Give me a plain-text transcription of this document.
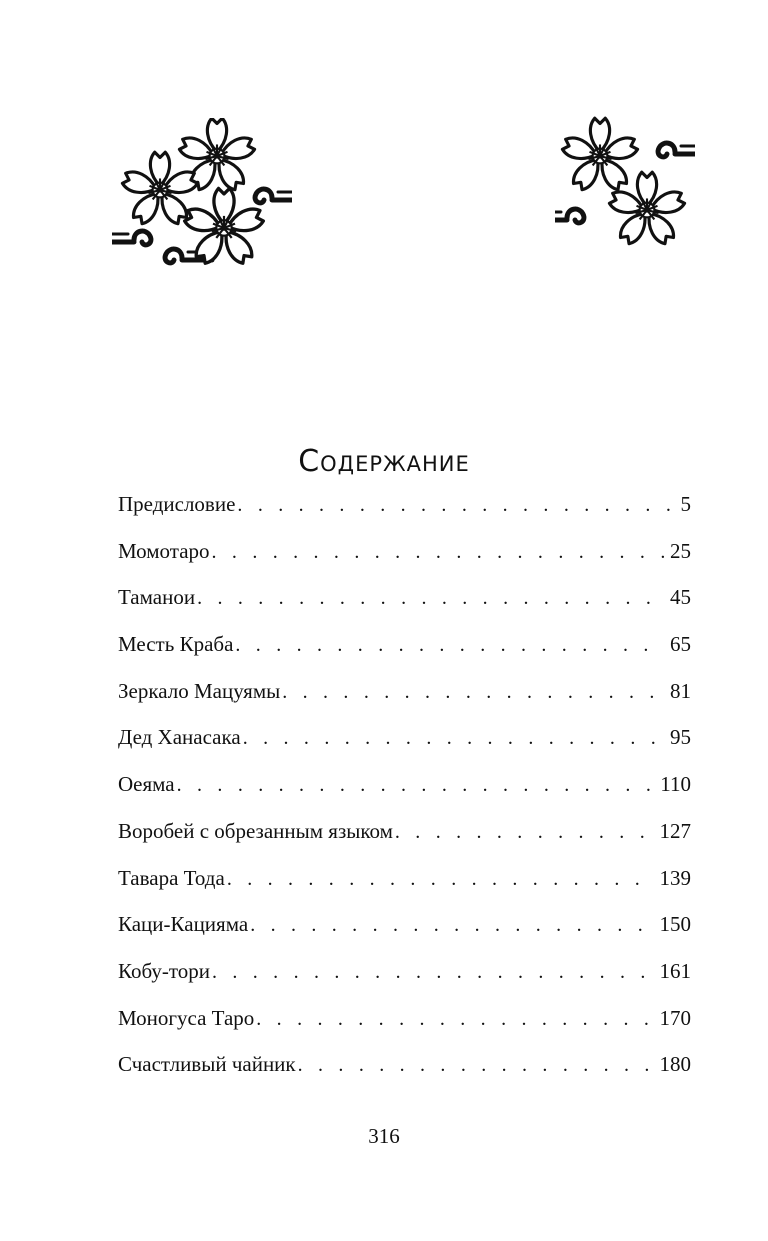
Содержание
Предисловие . . .	5
Момотаро . . .	25
Таманои . . .	45
Месть Краба . . .	65
Зеркало Мацуямы . . .	81
Дед Ханасака . . .	95
Оеяма . . .	110
Воробей с обрезанным языком . . .	127
Тавара Тода . . .	139
Каци-Кацияма . . .	150
Кобу-тори . . .	161
Моногуса Таро . . .	170
Счастливый чайник . . .	180
316
